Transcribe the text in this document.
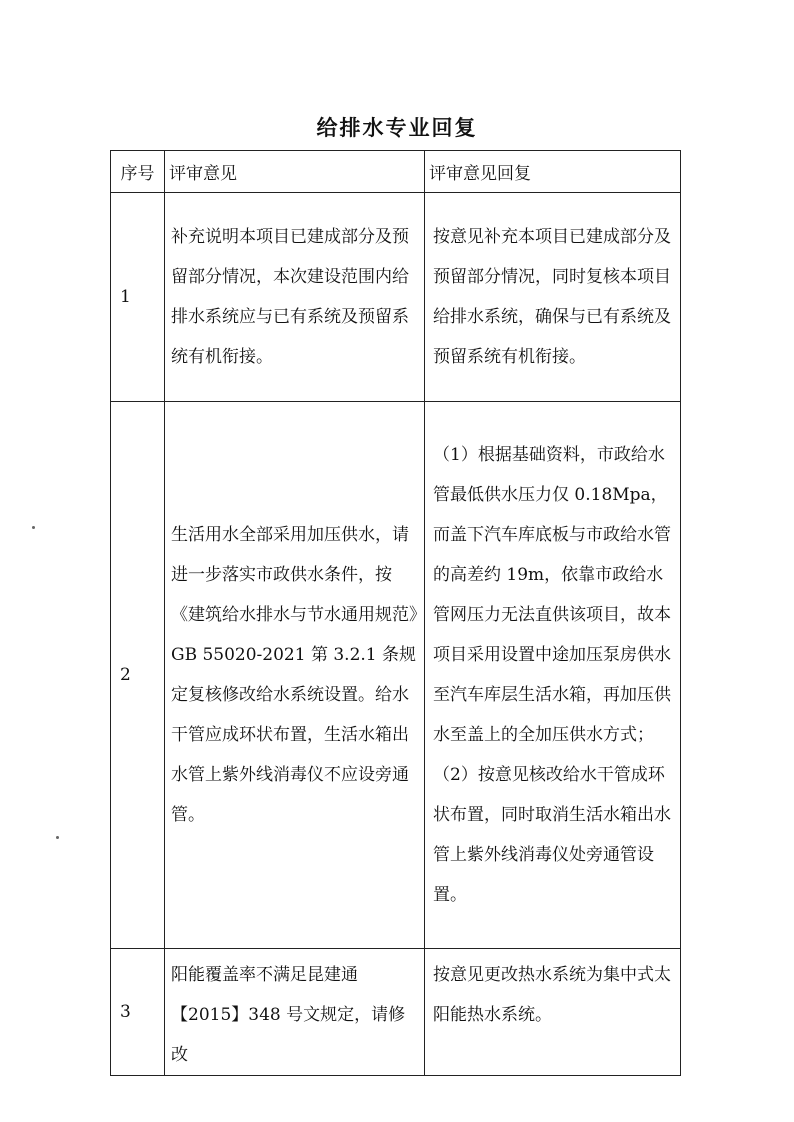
给排水专业回复
序号	评审意见	评审意见回复
1	补充说明本项目已建成部分及预留部分情况，本次建设范围内给排水系统应与已有系统及预留系统有机衔接。	按意见补充本项目已建成部分及预留部分情况，同时复核本项目给排水系统，确保与已有系统及预留系统有机衔接。
2	生活用水全部采用加压供水，请进一步落实市政供水条件，按《建筑给水排水与节水通用规范》GB 55020-2021 第 3.2.1 条规定复核修改给水系统设置。给水干管应成环状布置，生活水箱出水管上紫外线消毒仪不应设旁通管。	（1）根据基础资料，市政给水管最低供水压力仅 0.18Mpa，而盖下汽车库底板与市政给水管的高差约 19m，依靠市政给水管网压力无法直供该项目，故本项目采用设置中途加压泵房供水至汽车库层生活水箱，再加压供水至盖上的全加压供水方式；（2）按意见核改给水干管成环状布置，同时取消生活水箱出水管上紫外线消毒仪处旁通管设置。
3	阳能覆盖率不满足昆建通【2015】348 号文规定，请修改	按意见更改热水系统为集中式太阳能热水系统。
